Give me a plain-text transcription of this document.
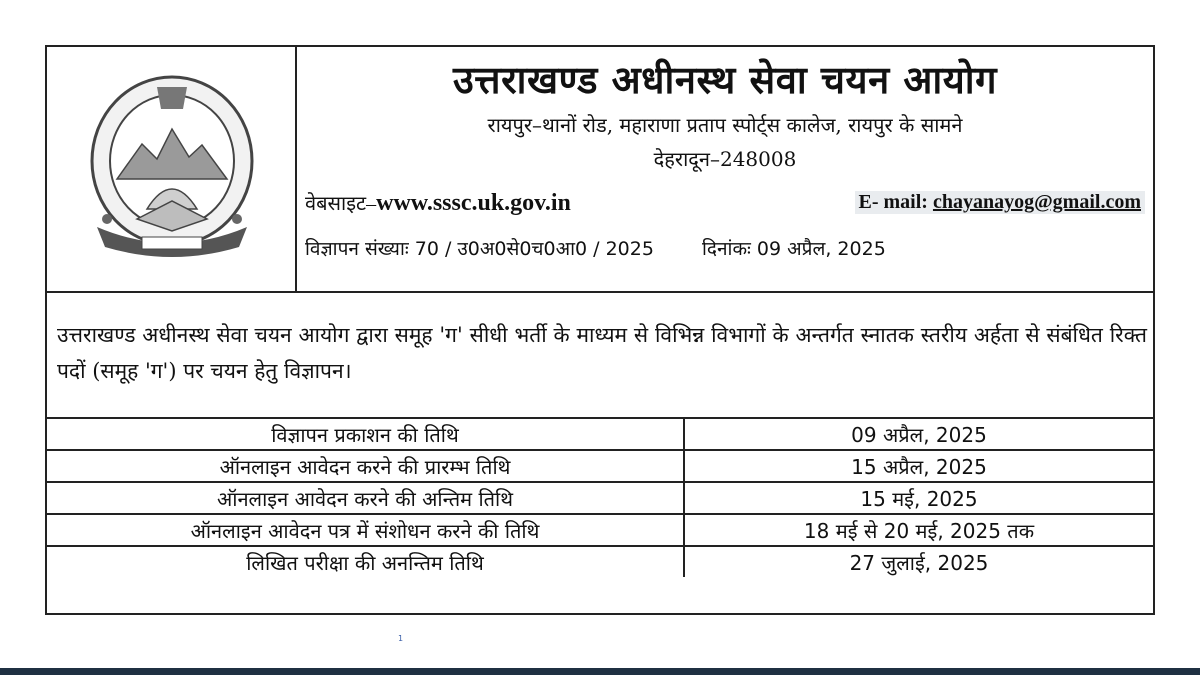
उत्तराखण्ड अधीनस्थ सेवा चयन आयोग
रायपुर–थानों रोड, महाराणा प्रताप स्पोर्ट्स कालेज, रायपुर के सामने
देहरादून–248008
वेबसाइट–www.sssc.uk.gov.in	E- mail: chayanayog@gmail.com
विज्ञापन संख्याः 70 / उ0अ0से0च0आ0 / 2025	दिनांकः 09 अप्रैल, 2025
उत्तराखण्ड अधीनस्थ सेवा चयन आयोग द्वारा समूह 'ग' सीधी भर्ती के माध्यम से विभिन्न विभागों के अन्तर्गत स्नातक स्तरीय अर्हता से संबंधित रिक्त पदों (समूह 'ग') पर चयन हेतु विज्ञापन।
विज्ञापन प्रकाशन की तिथि	09 अप्रैल, 2025
ऑनलाइन आवेदन करने की प्रारम्भ तिथि	15 अप्रैल, 2025
ऑनलाइन आवेदन करने की अन्तिम तिथि	15 मई, 2025
ऑनलाइन आवेदन पत्र में संशोधन करने की तिथि	18 मई से 20 मई, 2025 तक
लिखित परीक्षा की अनन्तिम तिथि	27 जुलाई, 2025
1
